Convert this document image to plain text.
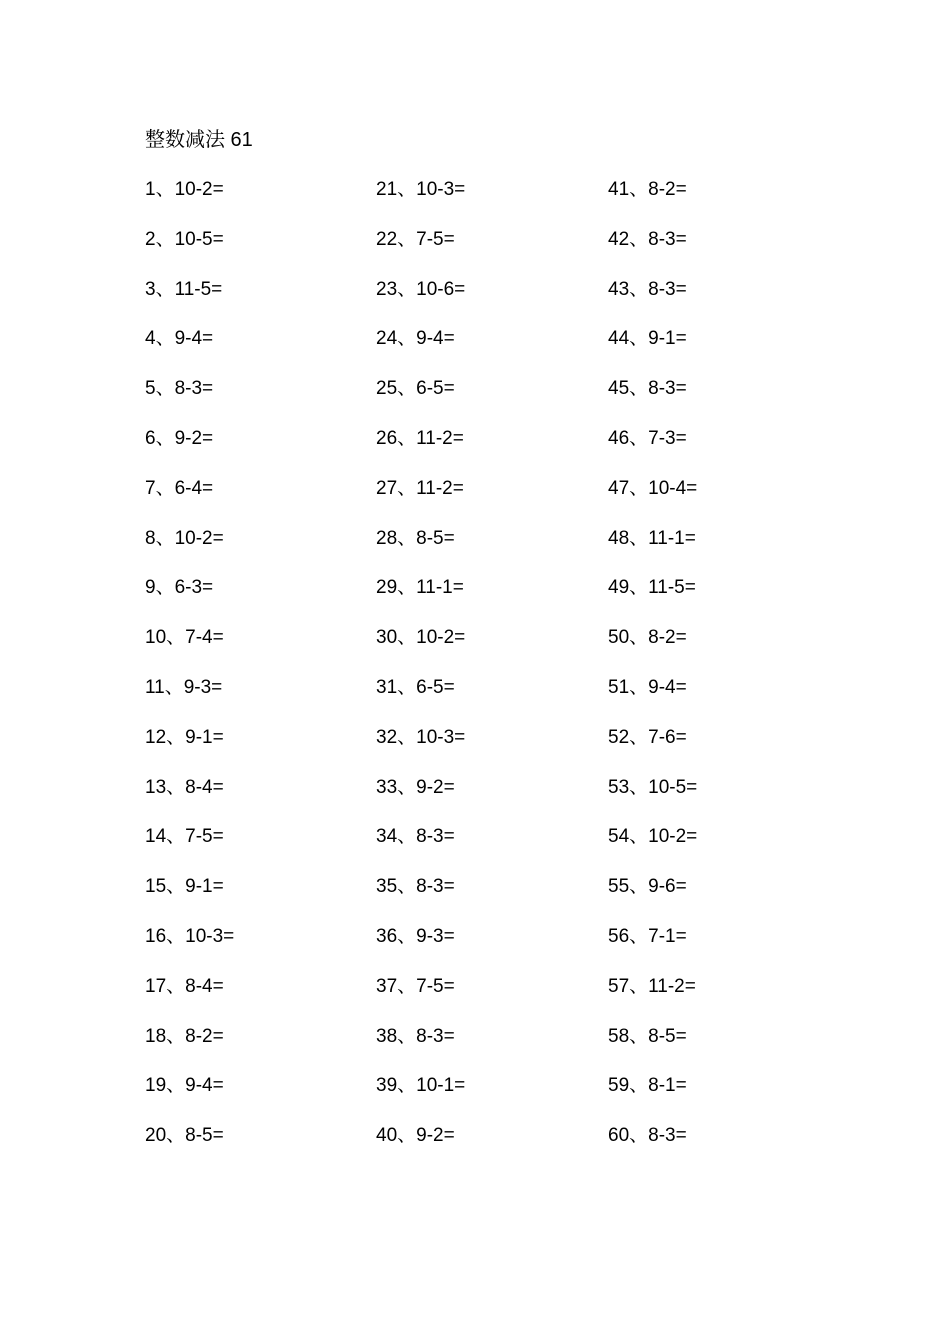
整数减法 61
1、10-2=
2、10-5=
3、11-5=
4、9-4=
5、8-3=
6、9-2=
7、6-4=
8、10-2=
9、6-3=
10、7-4=
11、9-3=
12、9-1=
13、8-4=
14、7-5=
15、9-1=
16、10-3=
17、8-4=
18、8-2=
19、9-4=
20、8-5=
21、10-3=
22、7-5=
23、10-6=
24、9-4=
25、6-5=
26、11-2=
27、11-2=
28、8-5=
29、11-1=
30、10-2=
31、6-5=
32、10-3=
33、9-2=
34、8-3=
35、8-3=
36、9-3=
37、7-5=
38、8-3=
39、10-1=
40、9-2=
41、8-2=
42、8-3=
43、8-3=
44、9-1=
45、8-3=
46、7-3=
47、10-4=
48、11-1=
49、11-5=
50、8-2=
51、9-4=
52、7-6=
53、10-5=
54、10-2=
55、9-6=
56、7-1=
57、11-2=
58、8-5=
59、8-1=
60、8-3=
